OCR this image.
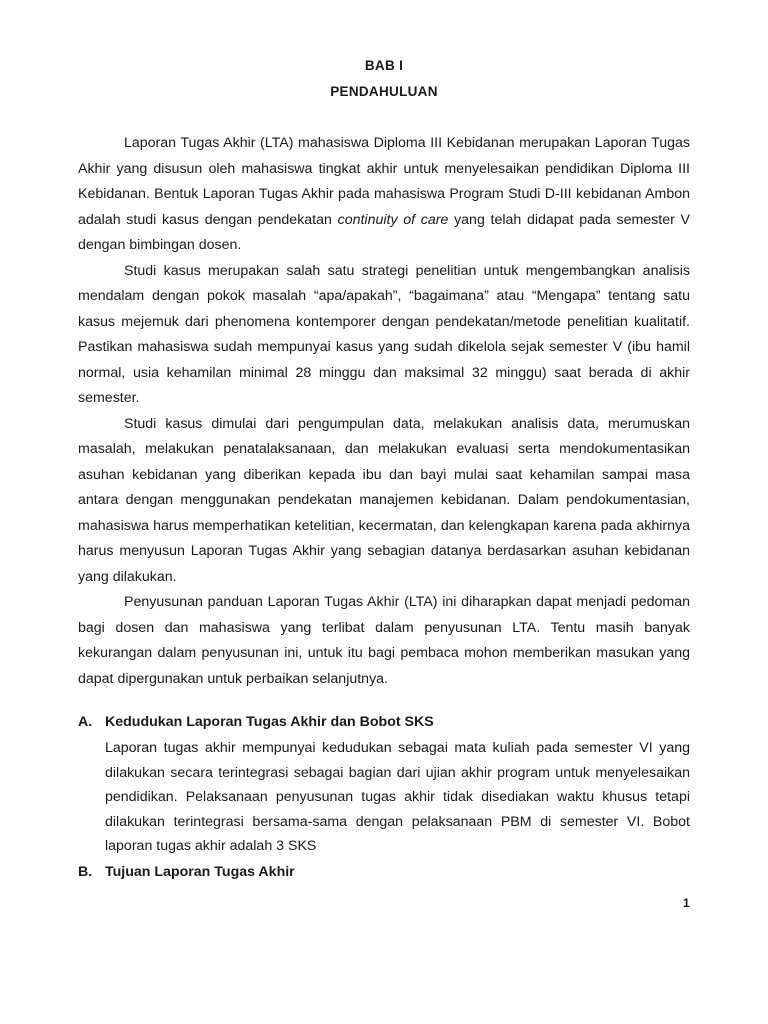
BAB I
PENDAHULUAN

Laporan Tugas Akhir (LTA) mahasiswa Diploma III Kebidanan merupakan Laporan Tugas Akhir yang disusun oleh mahasiswa tingkat akhir untuk menyelesaikan pendidikan Diploma III Kebidanan. Bentuk Laporan Tugas Akhir pada mahasiswa Program Studi D-III kebidanan Ambon adalah studi kasus dengan pendekatan continuity of care yang telah didapat pada semester V dengan bimbingan dosen.

Studi kasus merupakan salah satu strategi penelitian untuk mengembangkan analisis mendalam dengan pokok masalah “apa/apakah”, “bagaimana” atau “Mengapa” tentang satu kasus mejemuk dari phenomena kontemporer dengan pendekatan/metode penelitian kualitatif. Pastikan mahasiswa sudah mempunyai kasus yang sudah dikelola sejak semester V (ibu hamil normal, usia kehamilan minimal 28 minggu dan maksimal 32 minggu) saat berada di akhir semester.

Studi kasus dimulai dari pengumpulan data, melakukan analisis data, merumuskan masalah, melakukan penatalaksanaan, dan melakukan evaluasi serta mendokumentasikan asuhan kebidanan yang diberikan kepada ibu dan bayi mulai saat kehamilan sampai masa antara dengan menggunakan pendekatan manajemen kebidanan. Dalam pendokumentasian, mahasiswa harus memperhatikan ketelitian, kecermatan, dan kelengkapan karena pada akhirnya harus menyusun Laporan Tugas Akhir yang sebagian datanya berdasarkan asuhan kebidanan yang dilakukan.

Penyusunan panduan Laporan Tugas Akhir (LTA) ini diharapkan dapat menjadi pedoman bagi dosen dan mahasiswa yang terlibat dalam penyusunan LTA. Tentu masih banyak kekurangan dalam penyusunan ini, untuk itu bagi pembaca mohon memberikan masukan yang dapat dipergunakan untuk perbaikan selanjutnya.

A. Kedudukan Laporan Tugas Akhir dan Bobot SKS
Laporan tugas akhir mempunyai kedudukan sebagai mata kuliah pada semester VI yang dilakukan secara terintegrasi sebagai bagian dari ujian akhir program untuk menyelesaikan pendidikan. Pelaksanaan penyusunan tugas akhir tidak disediakan waktu khusus tetapi dilakukan terintegrasi bersama-sama dengan pelaksanaan PBM di semester VI. Bobot laporan tugas akhir adalah 3 SKS
B. Tujuan Laporan Tugas Akhir
1
